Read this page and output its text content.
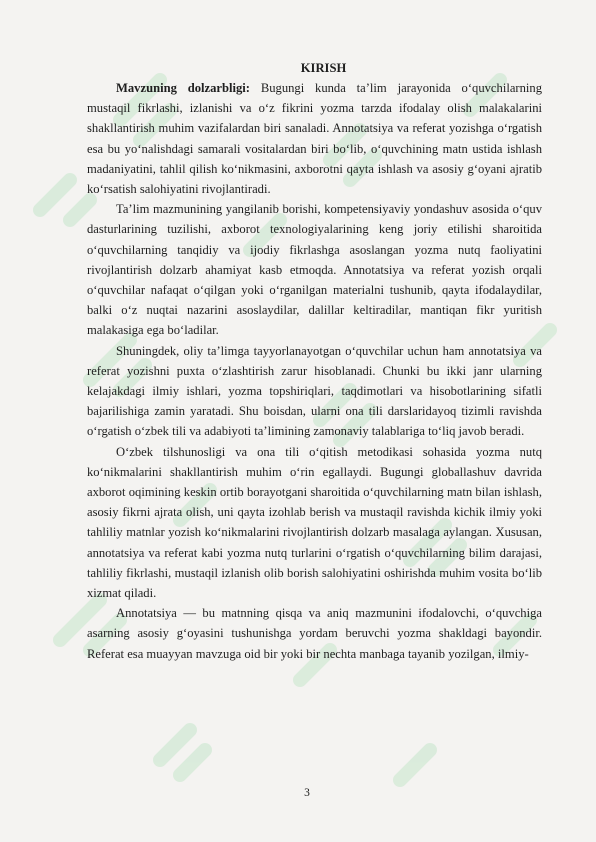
KIRISH

Mavzuning dolzarbligi: Bugungi kunda ta’lim jarayonida o‘quvchilarning mustaqil fikrlashi, izlanishi va o‘z fikrini yozma tarzda ifodalay olish malakalarini shakllantirish muhim vazifalardan biri sanaladi. Annotatsiya va referat yozishga o‘rgatish esa bu yo‘nalishdagi samarali vositalardan biri bo‘lib, o‘quvchining matn ustida ishlash madaniyatini, tahlil qilish ko‘nikmasini, axborotni qayta ishlash va asosiy g‘oyani ajratib ko‘rsatish salohiyatini rivojlantiradi.

Ta’lim mazmunining yangilanib borishi, kompetensiyaviy yondashuv asosida o‘quv dasturlarining tuzilishi, axborot texnologiyalarining keng joriy etilishi sharoitida o‘quvchilarning tanqidiy va ijodiy fikrlashga asoslangan yozma nutq faoliyatini rivojlantirish dolzarb ahamiyat kasb etmoqda. Annotatsiya va referat yozish orqali o‘quvchilar nafaqat o‘qilgan yoki o‘rganilgan materialni tushunib, qayta ifodalaydilar, balki o‘z nuqtai nazarini asoslaydilar, dalillar keltiradilar, mantiqan fikr yuritish malakasiga ega bo‘ladilar.

Shuningdek, oliy ta’limga tayyorlanayotgan o‘quvchilar uchun ham annotatsiya va referat yozishni puxta o‘zlashtirish zarur hisoblanadi. Chunki bu ikki janr ularning kelajakdagi ilmiy ishlari, yozma topshiriqlari, taqdimotlari va hisobotlarining sifatli bajarilishiga zamin yaratadi. Shu boisdan, ularni ona tili darslaridayoq tizimli ravishda o‘rgatish o‘zbek tili va adabiyoti ta’limining zamonaviy talablariga to‘liq javob beradi.

O‘zbek tilshunosligi va ona tili o‘qitish metodikasi sohasida yozma nutq ko‘nikmalarini shakllantirish muhim o‘rin egallaydi. Bugungi globallashuv davrida axborot oqimining keskin ortib borayotgani sharoitida o‘quvchilarning matn bilan ishlash, asosiy fikrni ajrata olish, uni qayta izohlab berish va mustaqil ravishda kichik ilmiy yoki tahliliy matnlar yozish ko‘nikmalarini rivojlantirish dolzarb masalaga aylangan. Xususan, annotatsiya va referat kabi yozma nutq turlarini o‘rgatish o‘quvchilarning bilim darajasi, tahliliy fikrlashi, mustaqil izlanish olib borish salohiyatini oshirishda muhim vosita bo‘lib xizmat qiladi.

Annotatsiya — bu matnning qisqa va aniq mazmunini ifodalovchi, o‘quvchiga asarning asosiy g‘oyasini tushunishga yordam beruvchi yozma shakldagi bayondir. Referat esa muayyan mavzuga oid bir yoki bir nechta manbaga tayanib yozilgan, ilmiy-

3
